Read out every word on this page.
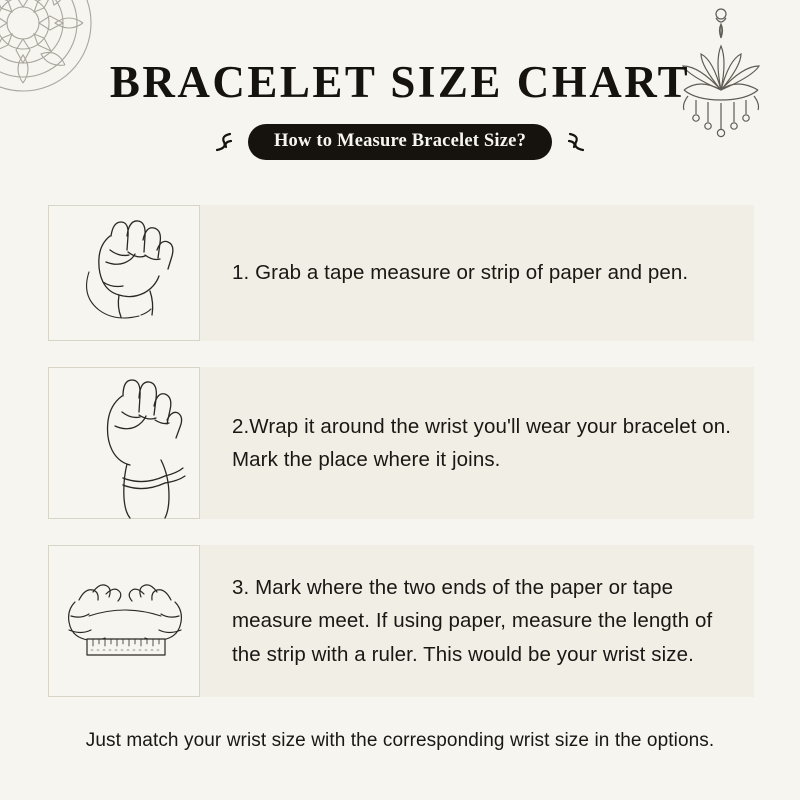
BRACELET SIZE CHART
How to Measure Bracelet Size?
1. Grab a tape measure or strip of paper and pen.
2.Wrap it around the wrist you'll wear your bracelet on. Mark the place where it joins.
3. Mark where the two ends of the paper or tape measure meet. If using paper, measure the length of the strip with a ruler. This would be your wrist size.
Just match your wrist size with the corresponding wrist size in the options.
